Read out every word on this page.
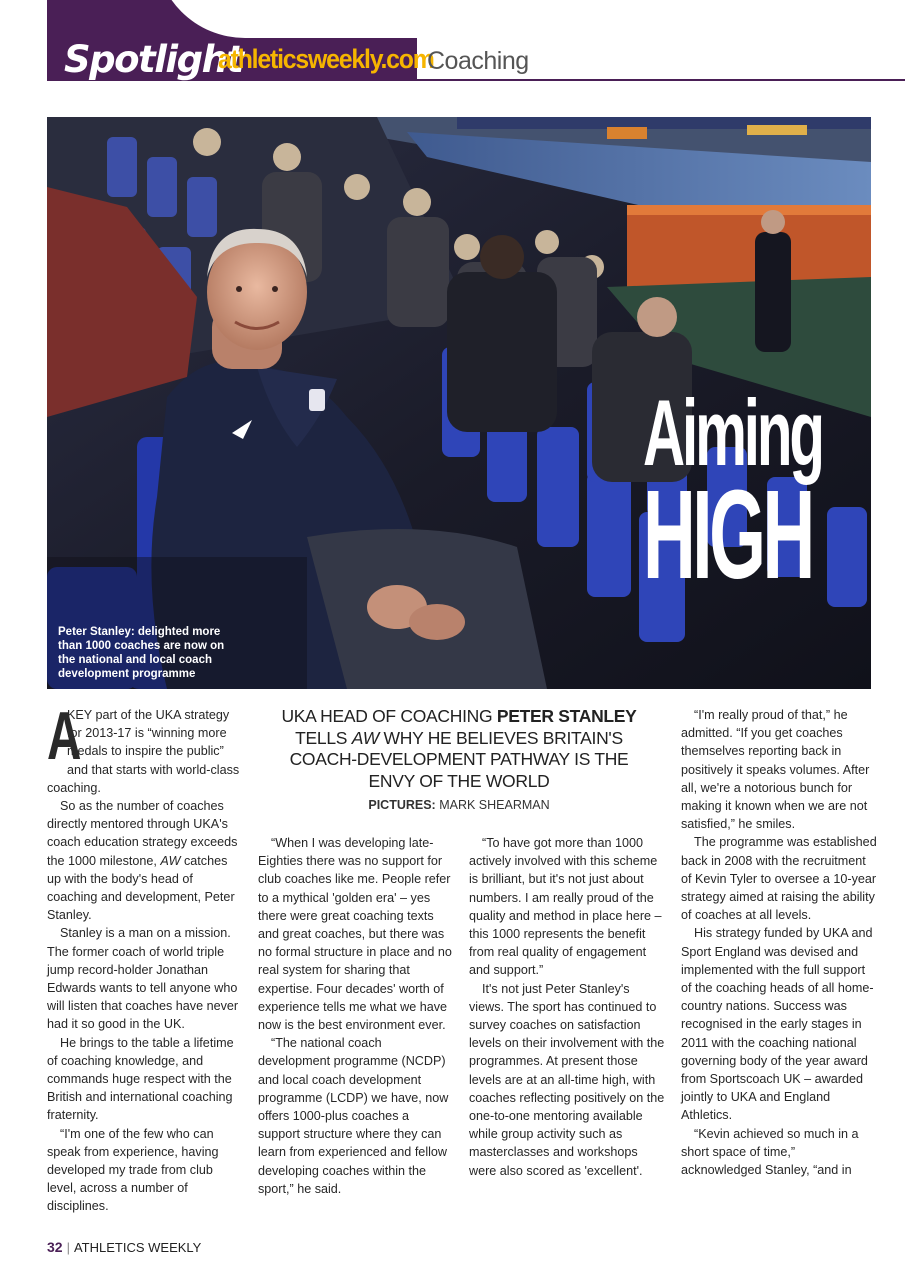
Spotlight
athleticsweekly.com
Coaching
Peter Stanley: delighted more than 1000 coaches are now on the national and local coach development programme
Aiming
HIGH
UKA HEAD OF COACHING PETER STANLEY TELLS AW WHY HE BELIEVES BRITAIN'S COACH-DEVELOPMENT PATHWAY IS THE ENVY OF THE WORLD
PICTURES: MARK SHEARMAN

A
KEY part of the UKA strategy for 2013-17 is “winning more medals to inspire the public” and that starts with world-class coaching.

So as the number of coaches directly mentored through UKA's coach education strategy exceeds the 1000 milestone, AW catches up with the body's head of coaching and development, Peter Stanley.

Stanley is a man on a mission. The former coach of world triple jump record-holder Jonathan Edwards wants to tell anyone who will listen that coaches have never had it so good in the UK.

He brings to the table a lifetime of coaching knowledge, and commands huge respect with the British and international coaching fraternity.

“I'm one of the few who can speak from experience, having developed my trade from club level, across a number of disciplines.

“When I was developing late-Eighties there was no support for club coaches like me. People refer to a mythical 'golden era' – yes there were great coaching texts and great coaches, but there was no formal structure in place and no real system for sharing that expertise. Four decades' worth of experience tells me what we have now is the best environment ever.

“The national coach development programme (NCDP) and local coach development programme (LCDP) we have, now offers 1000-plus coaches a support structure where they can learn from experienced and fellow developing coaches within the sport,” he said.

“To have got more than 1000 actively involved with this scheme is brilliant, but it's not just about numbers. I am really proud of the quality and method in place here – this 1000 represents the benefit from real quality of engagement and support.”

It's not just Peter Stanley's views. The sport has continued to survey coaches on satisfaction levels on their involvement with the programmes. At present those levels are at an all-time high, with coaches reflecting positively on the one-to-one mentoring available while group activity such as masterclasses and workshops were also scored as 'excellent'.

“I'm really proud of that,” he admitted. “If you get coaches themselves reporting back in positively it speaks volumes. After all, we're a notorious bunch for making it known when we are not satisfied,” he smiles.

The programme was established back in 2008 with the recruitment of Kevin Tyler to oversee a 10-year strategy aimed at raising the ability of coaches at all levels.

His strategy funded by UKA and Sport England was devised and implemented with the full support of the coaching heads of all home-country nations. Success was recognised in the early stages in 2011 with the coaching national governing body of the year award from Sportscoach UK – awarded jointly to UKA and England Athletics.

“Kevin achieved so much in a short space of time,” acknowledged Stanley, “and in

32 | ATHLETICS WEEKLY
